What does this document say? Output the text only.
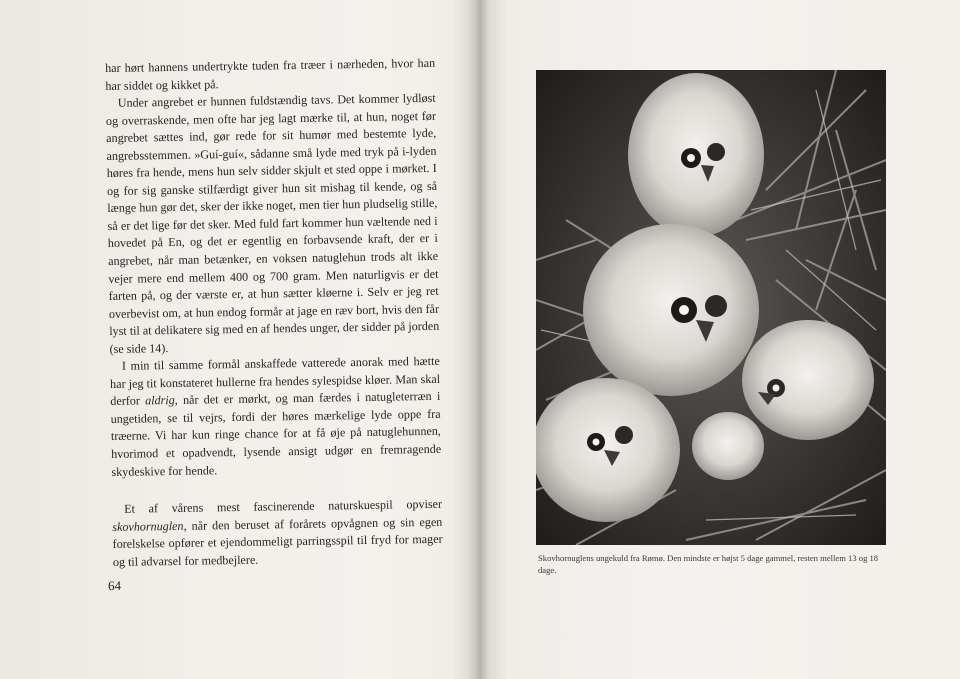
har hørt hannens undertrykte tuden fra træer i nærheden, hvor han har siddet og kikket på.

Under angrebet er hunnen fuldstændig tavs. Det kommer lydløst og overraskende, men ofte har jeg lagt mærke til, at hun, noget før angrebet sættes ind, gør rede for sit humør med bestemte lyde, angrebsstemmen. »Guí-guí«, sådanne små lyde med tryk på i-lyden høres fra hende, mens hun selv sidder skjult et sted oppe i mørket. I og for sig ganske stilfærdigt giver hun sit mishag til kende, og så længe hun gør det, sker der ikke noget, men tier hun pludselig stille, så er det lige før det sker. Med fuld fart kommer hun væltende ned i hovedet på En, og det er egentlig en forbavsende kraft, der er i angrebet, når man betænker, en voksen natuglehun trods alt ikke vejer mere end mellem 400 og 700 gram. Men naturligvis er det farten på, og der værste er, at hun sætter kløerne i. Selv er jeg ret overbevist om, at hun endog formår at jage en ræv bort, hvis den får lyst til at delikatere sig med en af hendes unger, der sidder på jorden (se side 14).

I min til samme formål anskaffede vatterede anorak med hætte har jeg tit konstateret hullerne fra hendes sylespidse kløer. Man skal derfor aldrig, når det er mørkt, og man færdes i natugleterræn i ungetiden, se til vejrs, fordi der høres mærkelige lyde oppe fra træerne. Vi har kun ringe chance for at få øje på natuglehunnen, hvorimod et opadvendt, lysende ansigt udgør en fremragende skydeskive for hende.

Et af vårens mest fascinerende naturskuespil opviser skovhornuglen, når den beruset af forårets opvågnen og sin egen forelskelse opfører et ejendommeligt parringsspil til fryd for mager og til advarsel for medbejlere.

64
Skovhornuglens ungekuld fra Rømø. Den mindste er højst 5 dage gammel, resten mellem 13 og 18 dage.
